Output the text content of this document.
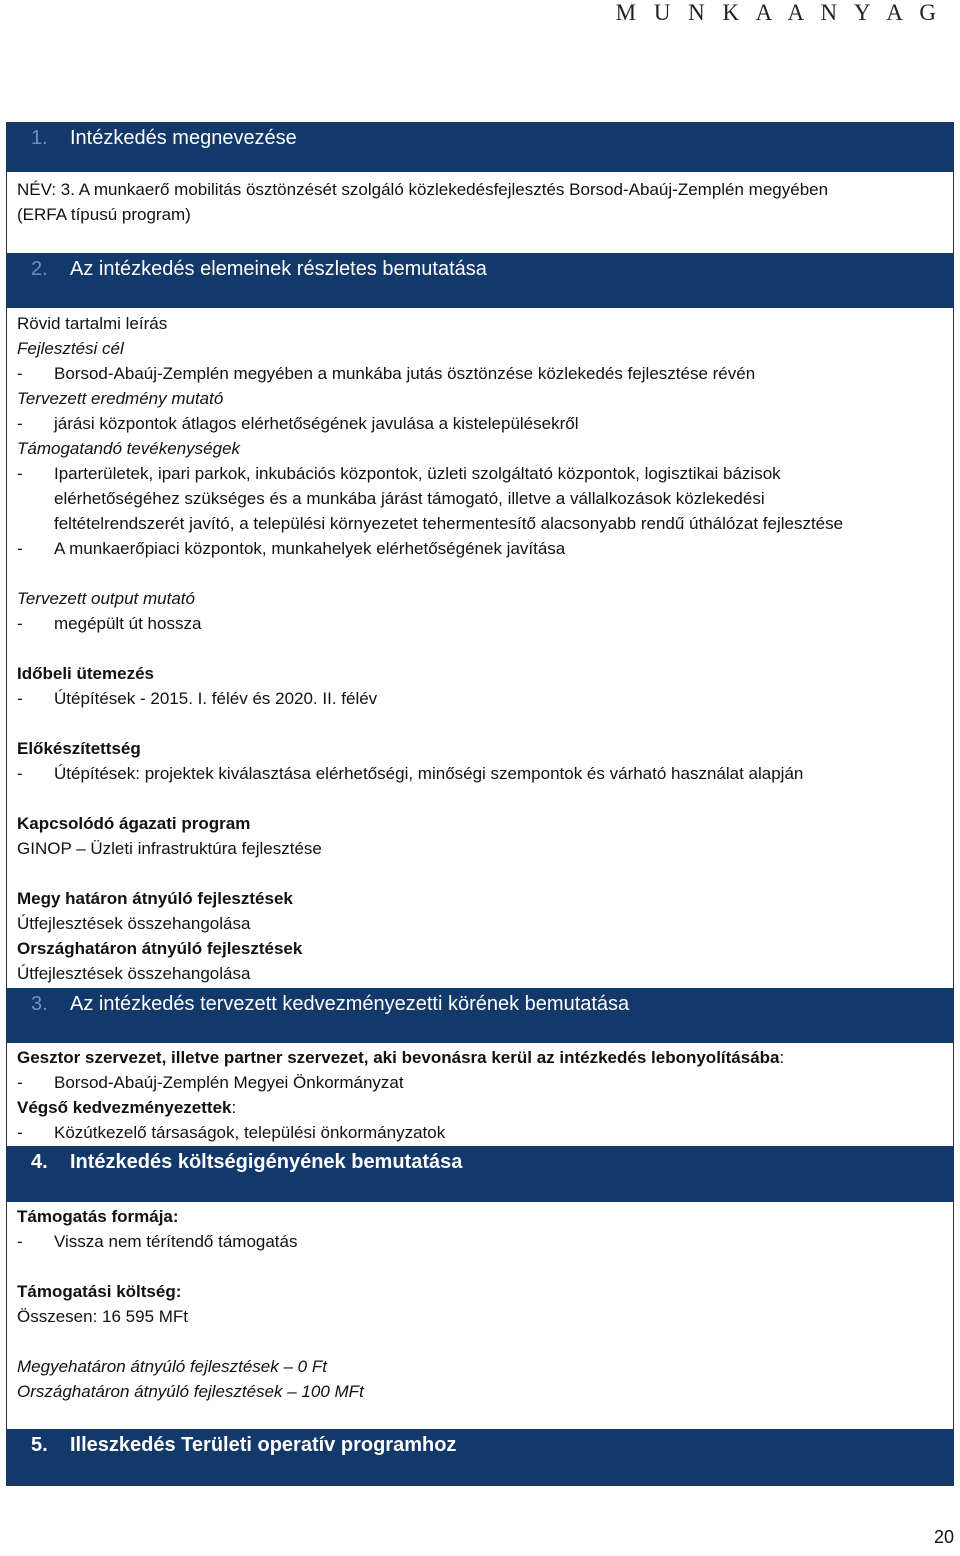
M U N K A A N Y A G
1. Intézkedés megnevezése
NÉV: 3. A munkaerő mobilitás ösztönzését szolgáló közlekedésfejlesztés Borsod-Abaúj-Zemplén megyében
(ERFA típusú program)
2. Az intézkedés elemeinek részletes bemutatása
Rövid tartalmi leírás
Fejlesztési cél
- Borsod-Abaúj-Zemplén megyében a munkába jutás ösztönzése közlekedés fejlesztése révén
Tervezett eredmény mutató
- járási központok átlagos elérhetőségének javulása a kistelepülésekről
Támogatandó tevékenységek
- Iparterületek, ipari parkok, inkubációs központok, üzleti szolgáltató központok, logisztikai bázisok
elérhetőségéhez szükséges és a munkába járást támogató, illetve a vállalkozások közlekedési
feltételrendszerét javító, a települési környezetet tehermentesítő alacsonyabb rendű úthálózat fejlesztése
- A munkaerőpiaci központok, munkahelyek elérhetőségének javítása
Tervezett output mutató
- megépült út hossza
Időbeli ütemezés
- Útépítések - 2015. I. félév és 2020. II. félév
Előkészítettség
- Útépítések: projektek kiválasztása elérhetőségi, minőségi szempontok és várható használat alapján
Kapcsolódó ágazati program
GINOP – Üzleti infrastruktúra fejlesztése
Megy határon átnyúló fejlesztések
Útfejlesztések összehangolása
Országhatáron átnyúló fejlesztések
Útfejlesztések összehangolása
3. Az intézkedés tervezett kedvezményezetti körének bemutatása
Gesztor szervezet, illetve partner szervezet, aki bevonásra kerül az intézkedés lebonyolításába:
- Borsod-Abaúj-Zemplén Megyei Önkormányzat
Végső kedvezményezettek:
- Közútkezelő társaságok, települési önkormányzatok
4. Intézkedés költségigényének bemutatása
Támogatás formája:
- Vissza nem térítendő támogatás
Támogatási költség:
Összesen: 16 595 MFt
Megyehatáron átnyúló fejlesztések – 0 Ft
Országhatáron átnyúló fejlesztések – 100 MFt
5. Illeszkedés Területi operatív programhoz
20
